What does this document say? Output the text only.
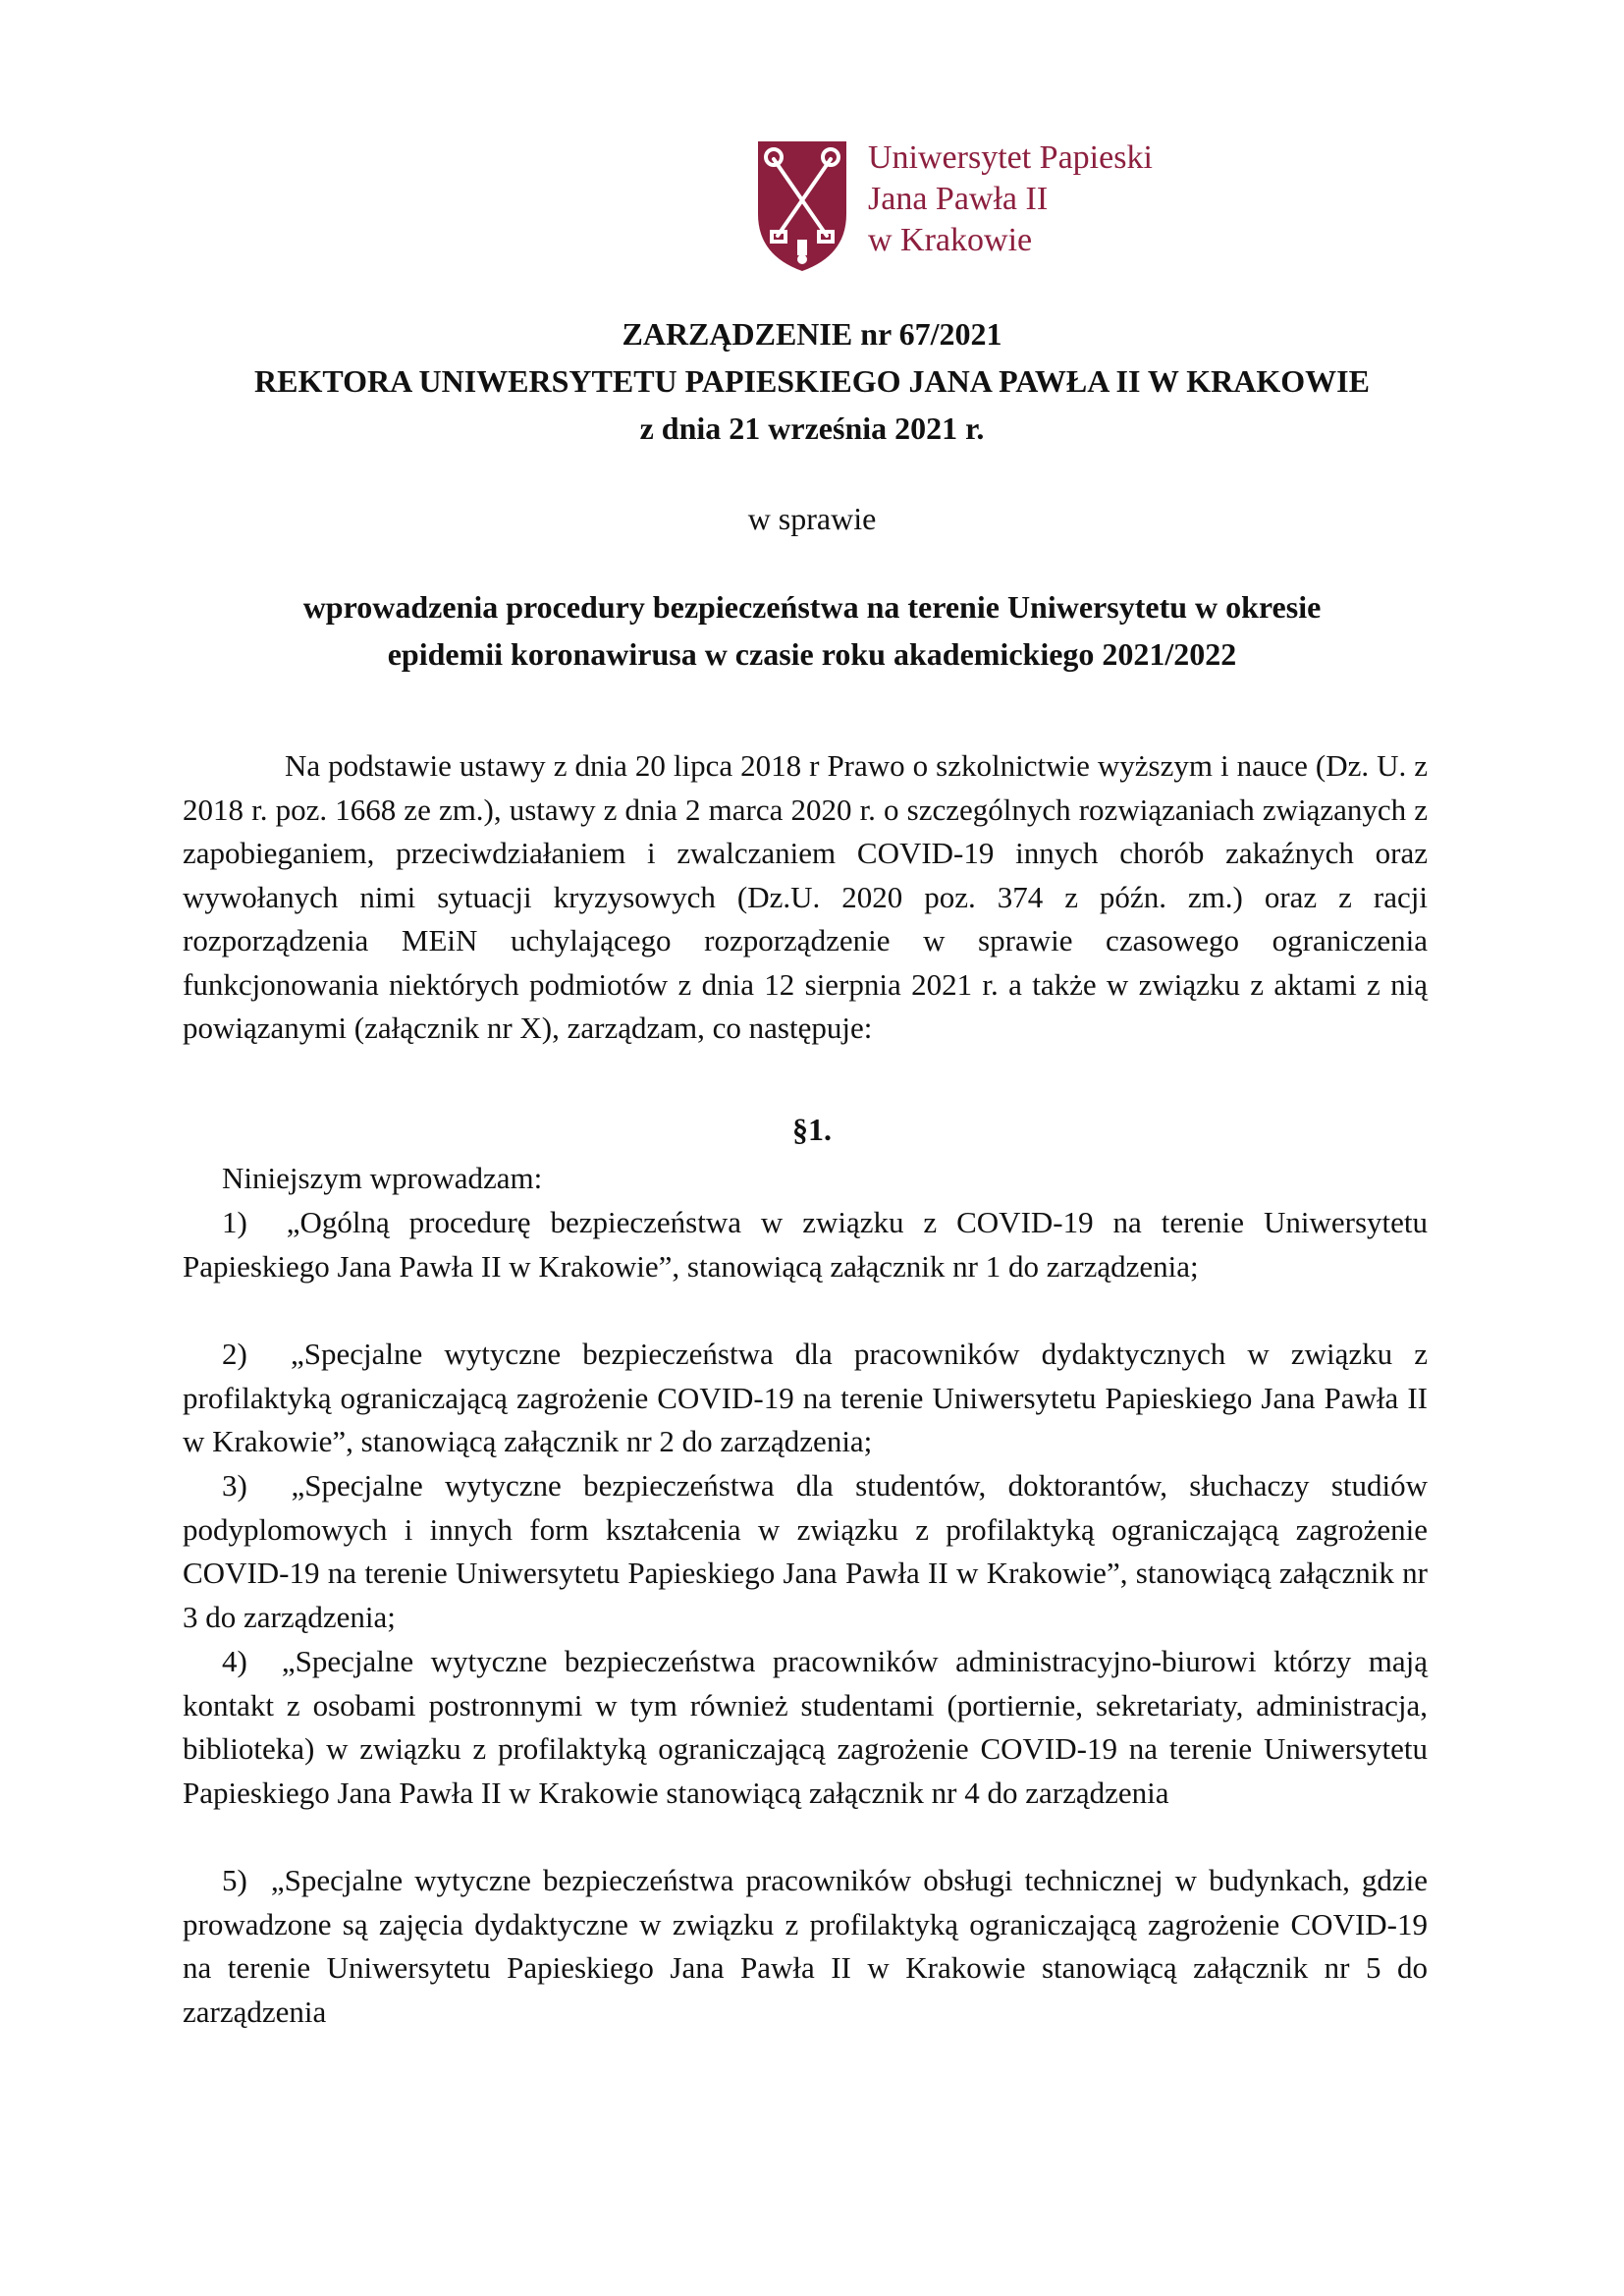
Uniwersytet Papieski
Jana Pawła II
w Krakowie
ZARZĄDZENIE nr 67/2021
REKTORA UNIWERSYTETU PAPIESKIEGO JANA PAWŁA II W KRAKOWIE
z dnia 21 września 2021 r.
w sprawie
wprowadzenia procedury bezpieczeństwa na terenie Uniwersytetu w okresie
epidemii koronawirusa w czasie roku akademickiego 2021/2022
Na podstawie ustawy z dnia 20 lipca 2018 r Prawo o szkolnictwie wyższym i nauce (Dz. U. z 2018 r. poz. 1668 ze zm.), ustawy z dnia 2 marca 2020 r. o szczególnych rozwiązaniach związanych z zapobieganiem, przeciwdziałaniem i zwalczaniem COVID-19 innych chorób zakaźnych oraz wywołanych nimi sytuacji kryzysowych (Dz.U. 2020 poz. 374 z późn. zm.) oraz z racji rozporządzenia MEiN uchylającego rozporządzenie w sprawie czasowego ograniczenia funkcjonowania niektórych podmiotów z dnia 12 sierpnia 2021 r. a także w związku z aktami z nią powiązanymi (załącznik nr X), zarządzam, co następuje:
§1.
Niniejszym wprowadzam:

1) „Ogólną procedurę bezpieczeństwa w związku z COVID-19 na terenie Uniwersytetu Papieskiego Jana Pawła II w Krakowie”, stanowiącą załącznik nr 1 do zarządzenia;

2) „Specjalne wytyczne bezpieczeństwa dla pracowników dydaktycznych w związku z profilaktyką ograniczającą zagrożenie COVID-19 na terenie Uniwersytetu Papieskiego Jana Pawła II w Krakowie”, stanowiącą załącznik nr 2 do zarządzenia;

3) „Specjalne wytyczne bezpieczeństwa dla studentów, doktorantów, słuchaczy studiów podyplomowych i innych form kształcenia w związku z profilaktyką ograniczającą zagrożenie COVID-19 na terenie Uniwersytetu Papieskiego Jana Pawła II w Krakowie”, stanowiącą załącznik nr 3 do zarządzenia;

4) „Specjalne wytyczne bezpieczeństwa pracowników administracyjno-biurowi którzy mają kontakt z osobami postronnymi w tym również studentami (portiernie, sekretariaty, administracja, biblioteka) w związku z profilaktyką ograniczającą zagrożenie COVID-19 na terenie Uniwersytetu Papieskiego Jana Pawła II w Krakowie stanowiącą załącznik nr 4 do zarządzenia

5) „Specjalne wytyczne bezpieczeństwa pracowników obsługi technicznej w budynkach, gdzie prowadzone są zajęcia dydaktyczne w związku z profilaktyką ograniczającą zagrożenie COVID-19 na terenie Uniwersytetu Papieskiego Jana Pawła II w Krakowie stanowiącą załącznik nr 5 do zarządzenia
